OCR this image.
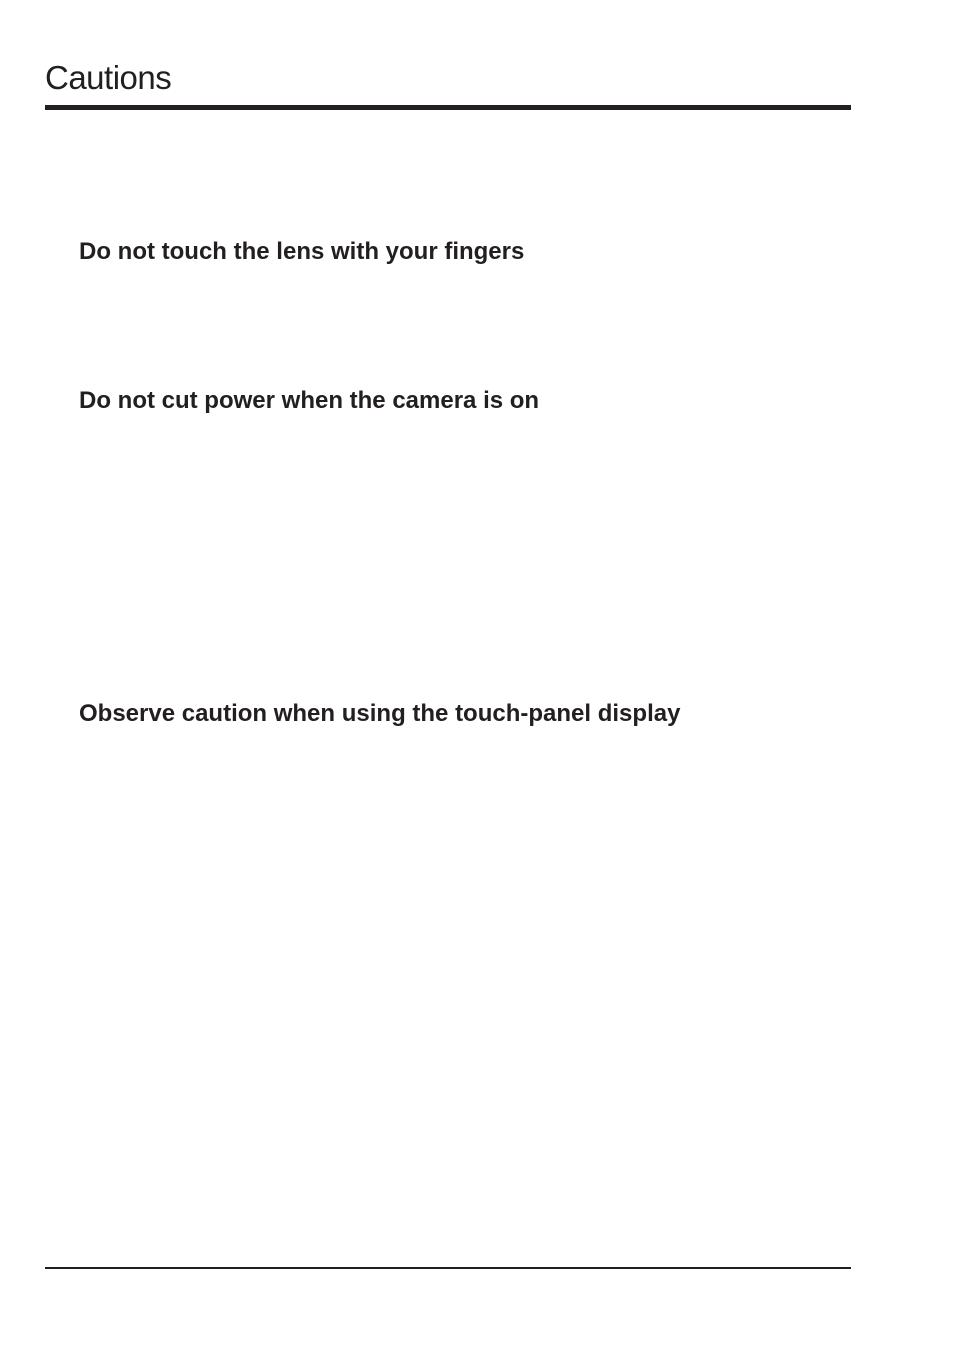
Cautions
Do not touch the lens with your fingers
Do not cut power when the camera is on
Observe caution when using the touch-panel display
